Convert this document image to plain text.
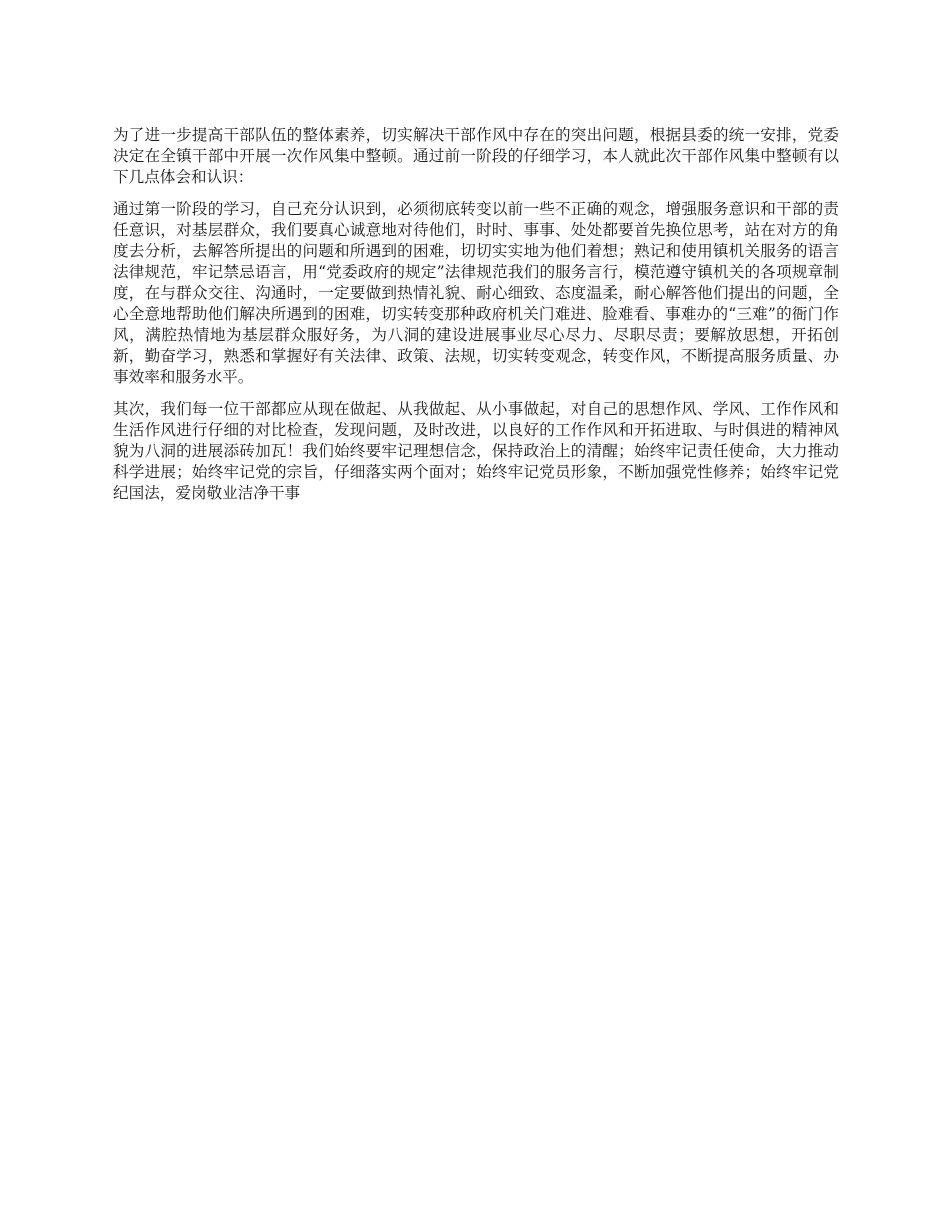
为了进一步提高干部队伍的整体素养，切实解决干部作风中存在的突出问题，根据县委的统一安排，党委决定在全镇干部中开展一次作风集中整顿。通过前一阶段的仔细学习，本人就此次干部作风集中整顿有以下几点体会和认识：

通过第一阶段的学习，自己充分认识到，必须彻底转变以前一些不正确的观念，增强服务意识和干部的责任意识，对基层群众，我们要真心诚意地对待他们，时时、事事、处处都要首先换位思考，站在对方的角度去分析，去解答所提出的问题和所遇到的困难，切切实实地为他们着想；熟记和使用镇机关服务的语言法律规范，牢记禁忌语言，用“党委政府的规定”法律规范我们的服务言行，模范遵守镇机关的各项规章制度，在与群众交往、沟通时，一定要做到热情礼貌、耐心细致、态度温柔，耐心解答他们提出的问题，全心全意地帮助他们解决所遇到的困难，切实转变那种政府机关门难进、脸难看、事难办的“三难”的衙门作风，满腔热情地为基层群众服好务，为八洞的建设进展事业尽心尽力、尽职尽责；要解放思想，开拓创新，勤奋学习，熟悉和掌握好有关法律、政策、法规，切实转变观念，转变作风，不断提高服务质量、办事效率和服务水平。

其次，我们每一位干部都应从现在做起、从我做起、从小事做起，对自己的思想作风、学风、工作作风和生活作风进行仔细的对比检查，发现问题，及时改进，以良好的工作作风和开拓进取、与时俱进的精神风貌为八洞的进展添砖加瓦！我们始终要牢记理想信念，保持政治上的清醒；始终牢记责任使命，大力推动科学进展；始终牢记党的宗旨，仔细落实两个面对；始终牢记党员形象，不断加强党性修养；始终牢记党纪国法，爱岗敬业洁净干事
